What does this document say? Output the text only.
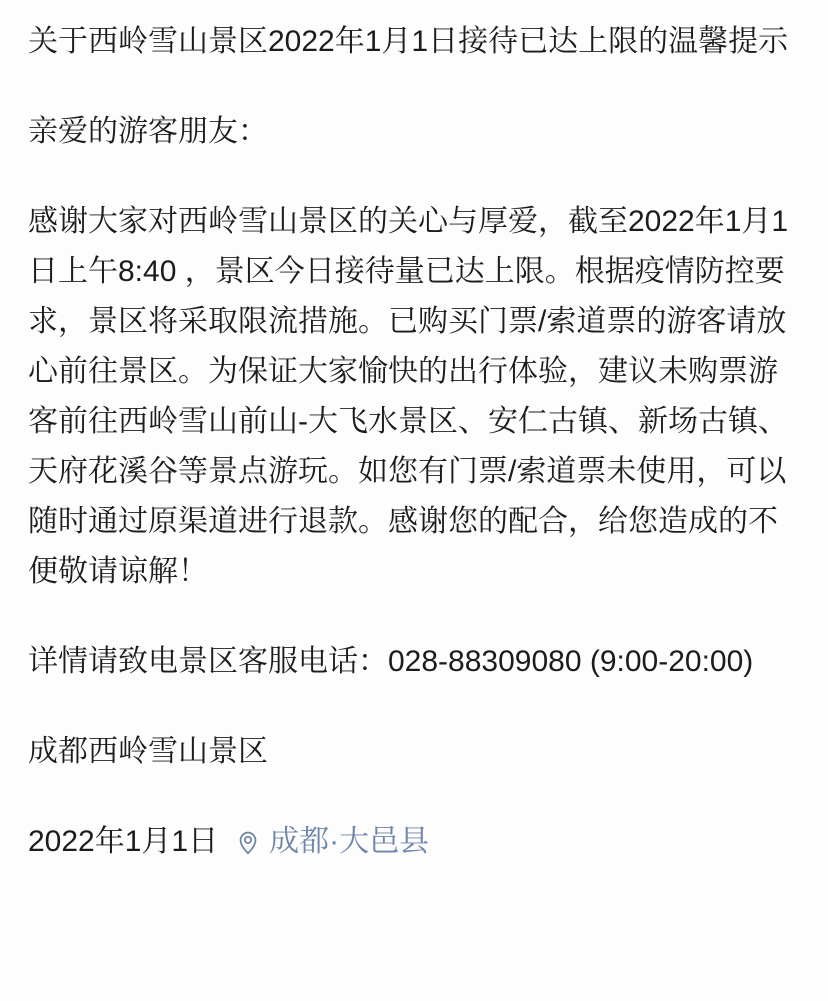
关于西岭雪山景区2022年1月1日接待已达上限的温馨提示

亲爱的游客朋友：

感谢大家对西岭雪山景区的关心与厚爱，截至2022年1月1日上午8:40 ，景区今日接待量已达上限。根据疫情防控要求，景区将采取限流措施。已购买门票/索道票的游客请放心前往景区。为保证大家愉快的出行体验，建议未购票游客前往西岭雪山前山-大飞水景区、安仁古镇、新场古镇、天府花溪谷等景点游玩。如您有门票/索道票未使用，可以随时通过原渠道进行退款。感谢您的配合，给您造成的不便敬请谅解！

详情请致电景区客服电话：028-88309080 (9:00-20:00)

成都西岭雪山景区

2022年1月1日 成都·大邑县
